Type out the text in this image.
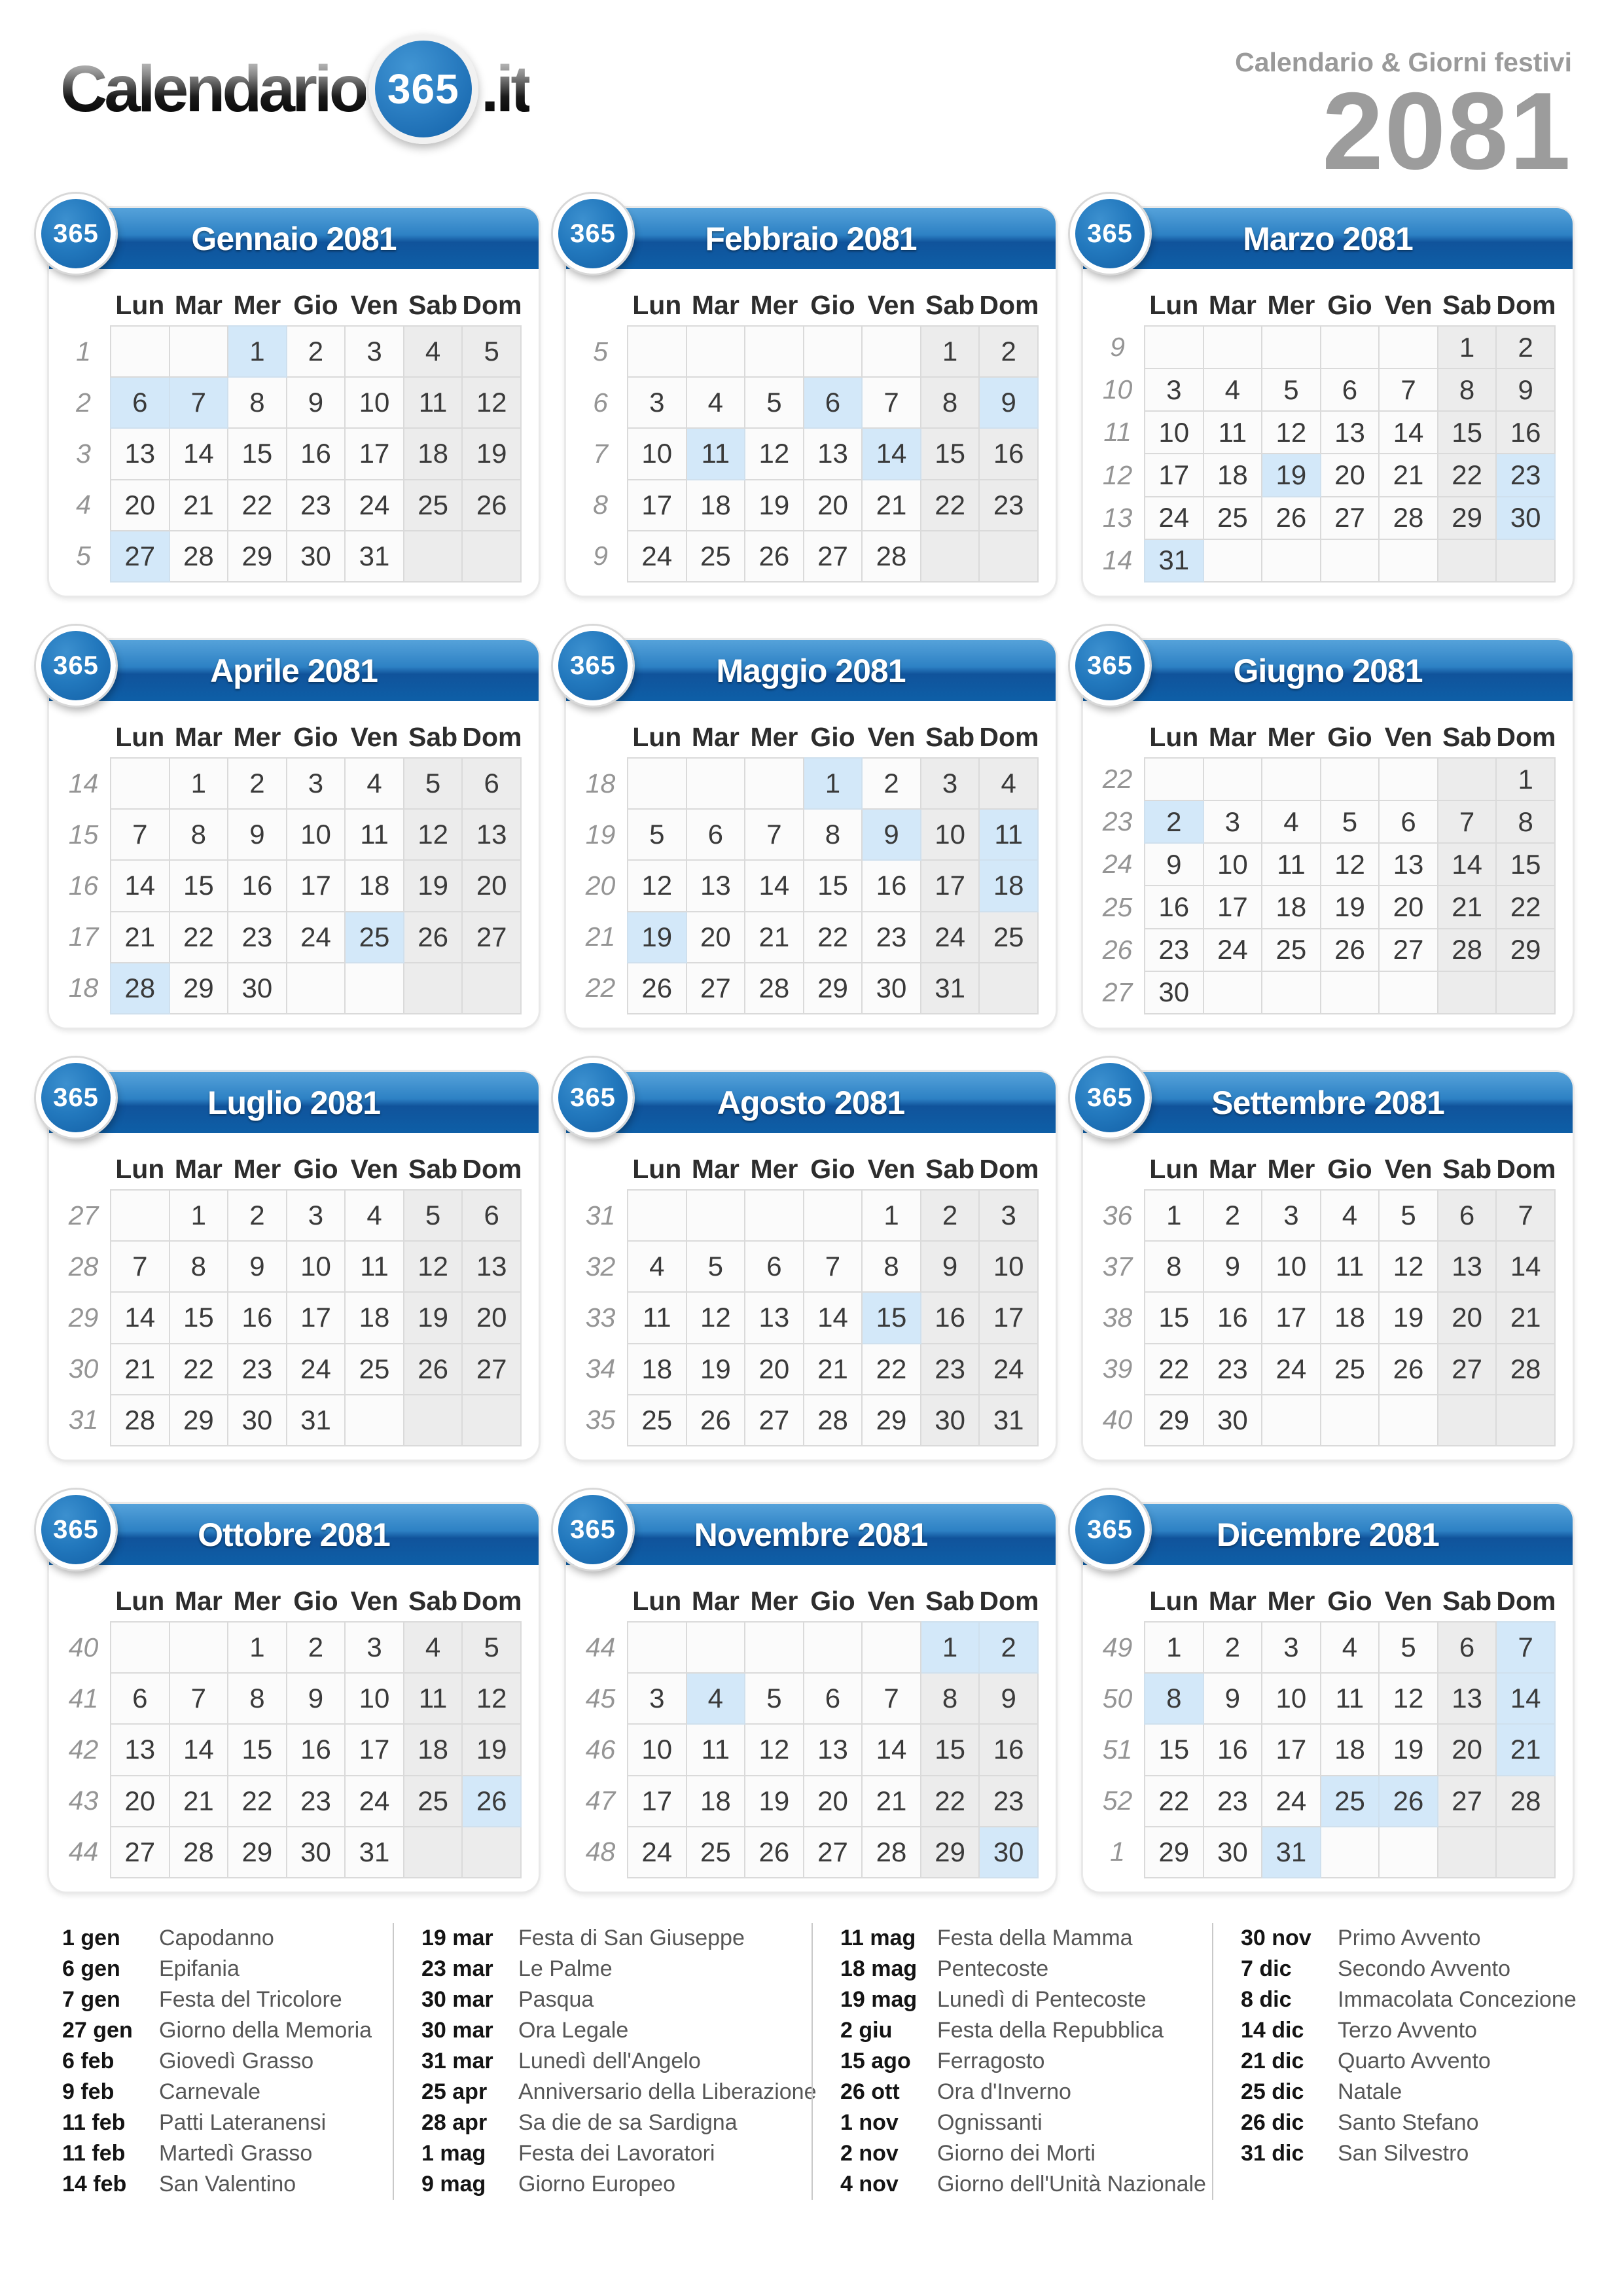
Calendario 365 .it	Calendario & Giorni festivi
2081
365	Gennaio 2081
	Lun	Mar	Mer	Gio	Ven	Sab	Dom
1			1	2	3	4	5
2	6	7	8	9	10	11	12
3	13	14	15	16	17	18	19
4	20	21	22	23	24	25	26
5	27	28	29	30	31		
365	Febbraio 2081
	Lun	Mar	Mer	Gio	Ven	Sab	Dom
5						1	2
6	3	4	5	6	7	8	9
7	10	11	12	13	14	15	16
8	17	18	19	20	21	22	23
9	24	25	26	27	28		
365	Marzo 2081
	Lun	Mar	Mer	Gio	Ven	Sab	Dom
9						1	2
10	3	4	5	6	7	8	9
11	10	11	12	13	14	15	16
12	17	18	19	20	21	22	23
13	24	25	26	27	28	29	30
14	31						
365	Aprile 2081
	Lun	Mar	Mer	Gio	Ven	Sab	Dom
14		1	2	3	4	5	6
15	7	8	9	10	11	12	13
16	14	15	16	17	18	19	20
17	21	22	23	24	25	26	27
18	28	29	30				
365	Maggio 2081
	Lun	Mar	Mer	Gio	Ven	Sab	Dom
18				1	2	3	4
19	5	6	7	8	9	10	11
20	12	13	14	15	16	17	18
21	19	20	21	22	23	24	25
22	26	27	28	29	30	31	
365	Giugno 2081
	Lun	Mar	Mer	Gio	Ven	Sab	Dom
22							1
23	2	3	4	5	6	7	8
24	9	10	11	12	13	14	15
25	16	17	18	19	20	21	22
26	23	24	25	26	27	28	29
27	30						
365	Luglio 2081
	Lun	Mar	Mer	Gio	Ven	Sab	Dom
27		1	2	3	4	5	6
28	7	8	9	10	11	12	13
29	14	15	16	17	18	19	20
30	21	22	23	24	25	26	27
31	28	29	30	31			
365	Agosto 2081
	Lun	Mar	Mer	Gio	Ven	Sab	Dom
31					1	2	3
32	4	5	6	7	8	9	10
33	11	12	13	14	15	16	17
34	18	19	20	21	22	23	24
35	25	26	27	28	29	30	31
365	Settembre 2081
	Lun	Mar	Mer	Gio	Ven	Sab	Dom
36	1	2	3	4	5	6	7
37	8	9	10	11	12	13	14
38	15	16	17	18	19	20	21
39	22	23	24	25	26	27	28
40	29	30					
365	Ottobre 2081
	Lun	Mar	Mer	Gio	Ven	Sab	Dom
40			1	2	3	4	5
41	6	7	8	9	10	11	12
42	13	14	15	16	17	18	19
43	20	21	22	23	24	25	26
44	27	28	29	30	31		
365	Novembre 2081
	Lun	Mar	Mer	Gio	Ven	Sab	Dom
44						1	2
45	3	4	5	6	7	8	9
46	10	11	12	13	14	15	16
47	17	18	19	20	21	22	23
48	24	25	26	27	28	29	30
365	Dicembre 2081
	Lun	Mar	Mer	Gio	Ven	Sab	Dom
49	1	2	3	4	5	6	7
50	8	9	10	11	12	13	14
51	15	16	17	18	19	20	21
52	22	23	24	25	26	27	28
1	29	30	31				
1 gen	Capodanno
6 gen	Epifania
7 gen	Festa del Tricolore
27 gen	Giorno della Memoria
6 feb	Giovedì Grasso
9 feb	Carnevale
11 feb	Patti Lateranensi
11 feb	Martedì Grasso
14 feb	San Valentino
19 mar	Festa di San Giuseppe
23 mar	Le Palme
30 mar	Pasqua
30 mar	Ora Legale
31 mar	Lunedì dell'Angelo
25 apr	Anniversario della Liberazione
28 apr	Sa die de sa Sardigna
1 mag	Festa dei Lavoratori
9 mag	Giorno Europeo
11 mag Festa della Mamma
18 mag Pentecoste
19 mag Lunedì di Pentecoste
2 giu	Festa della Repubblica
15 ago	Ferragosto
26 ott	Ora d'Inverno
1 nov	Ognissanti
2 nov	Giorno dei Morti
4 nov	Giorno dell'Unità Nazionale
30 nov	Primo Avvento
7 dic	Secondo Avvento
8 dic	Immacolata Concezione
14 dic	Terzo Avvento
21 dic	Quarto Avvento
25 dic	Natale
26 dic	Santo Stefano
31 dic	San Silvestro
